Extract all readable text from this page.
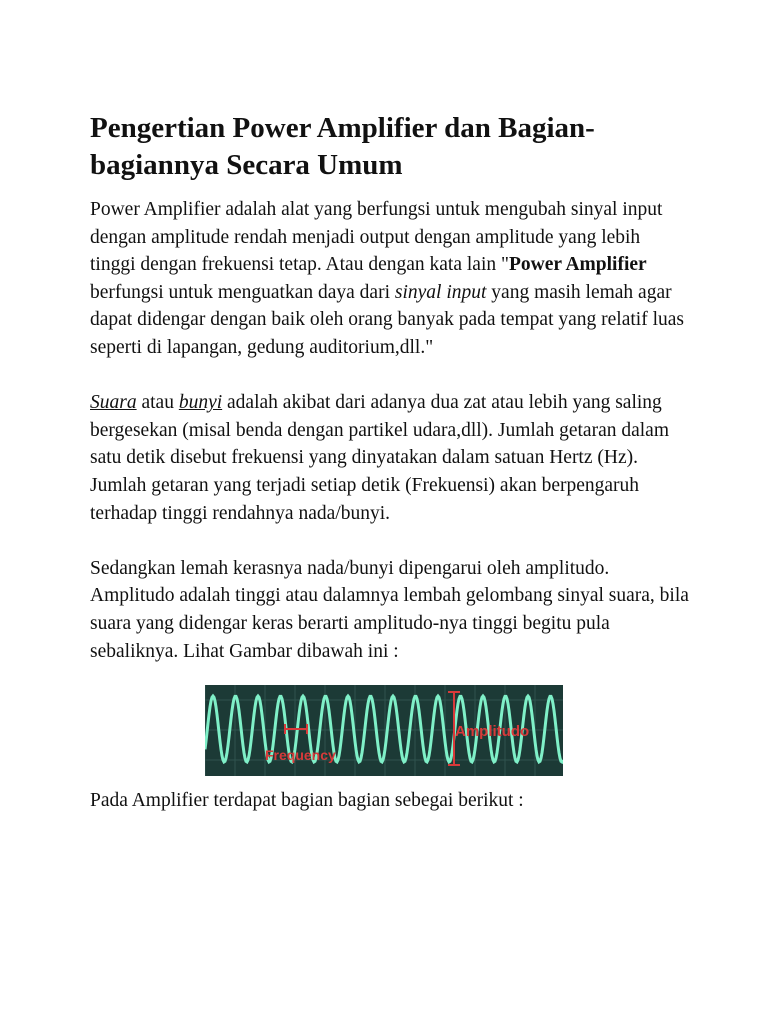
Pengertian Power Amplifier dan Bagian-bagiannya Secara Umum

Power Amplifier adalah alat yang berfungsi untuk mengubah sinyal input dengan amplitude rendah menjadi output dengan amplitude yang lebih tinggi dengan frekuensi tetap. Atau dengan kata lain "Power Amplifier berfungsi untuk menguatkan daya dari sinyal input yang masih lemah agar dapat didengar dengan baik oleh orang banyak pada tempat yang relatif luas seperti di lapangan, gedung auditorium,dll."

Suara atau bunyi adalah akibat dari adanya dua zat atau lebih yang saling bergesekan (misal benda dengan partikel udara,dll). Jumlah getaran dalam satu detik disebut frekuensi yang dinyatakan dalam satuan Hertz (Hz). Jumlah getaran yang terjadi setiap detik (Frekuensi) akan berpengaruh terhadap tinggi rendahnya nada/bunyi.

Sedangkan lemah kerasnya nada/bunyi dipengarui oleh amplitudo. Amplitudo adalah tinggi atau dalamnya lembah gelombang sinyal suara, bila suara yang didengar keras berarti amplitudo-nya tinggi begitu pula sebaliknya. Lihat Gambar dibawah ini :

Amplitudo
Frequency

Pada Amplifier terdapat bagian bagian sebegai berikut :
